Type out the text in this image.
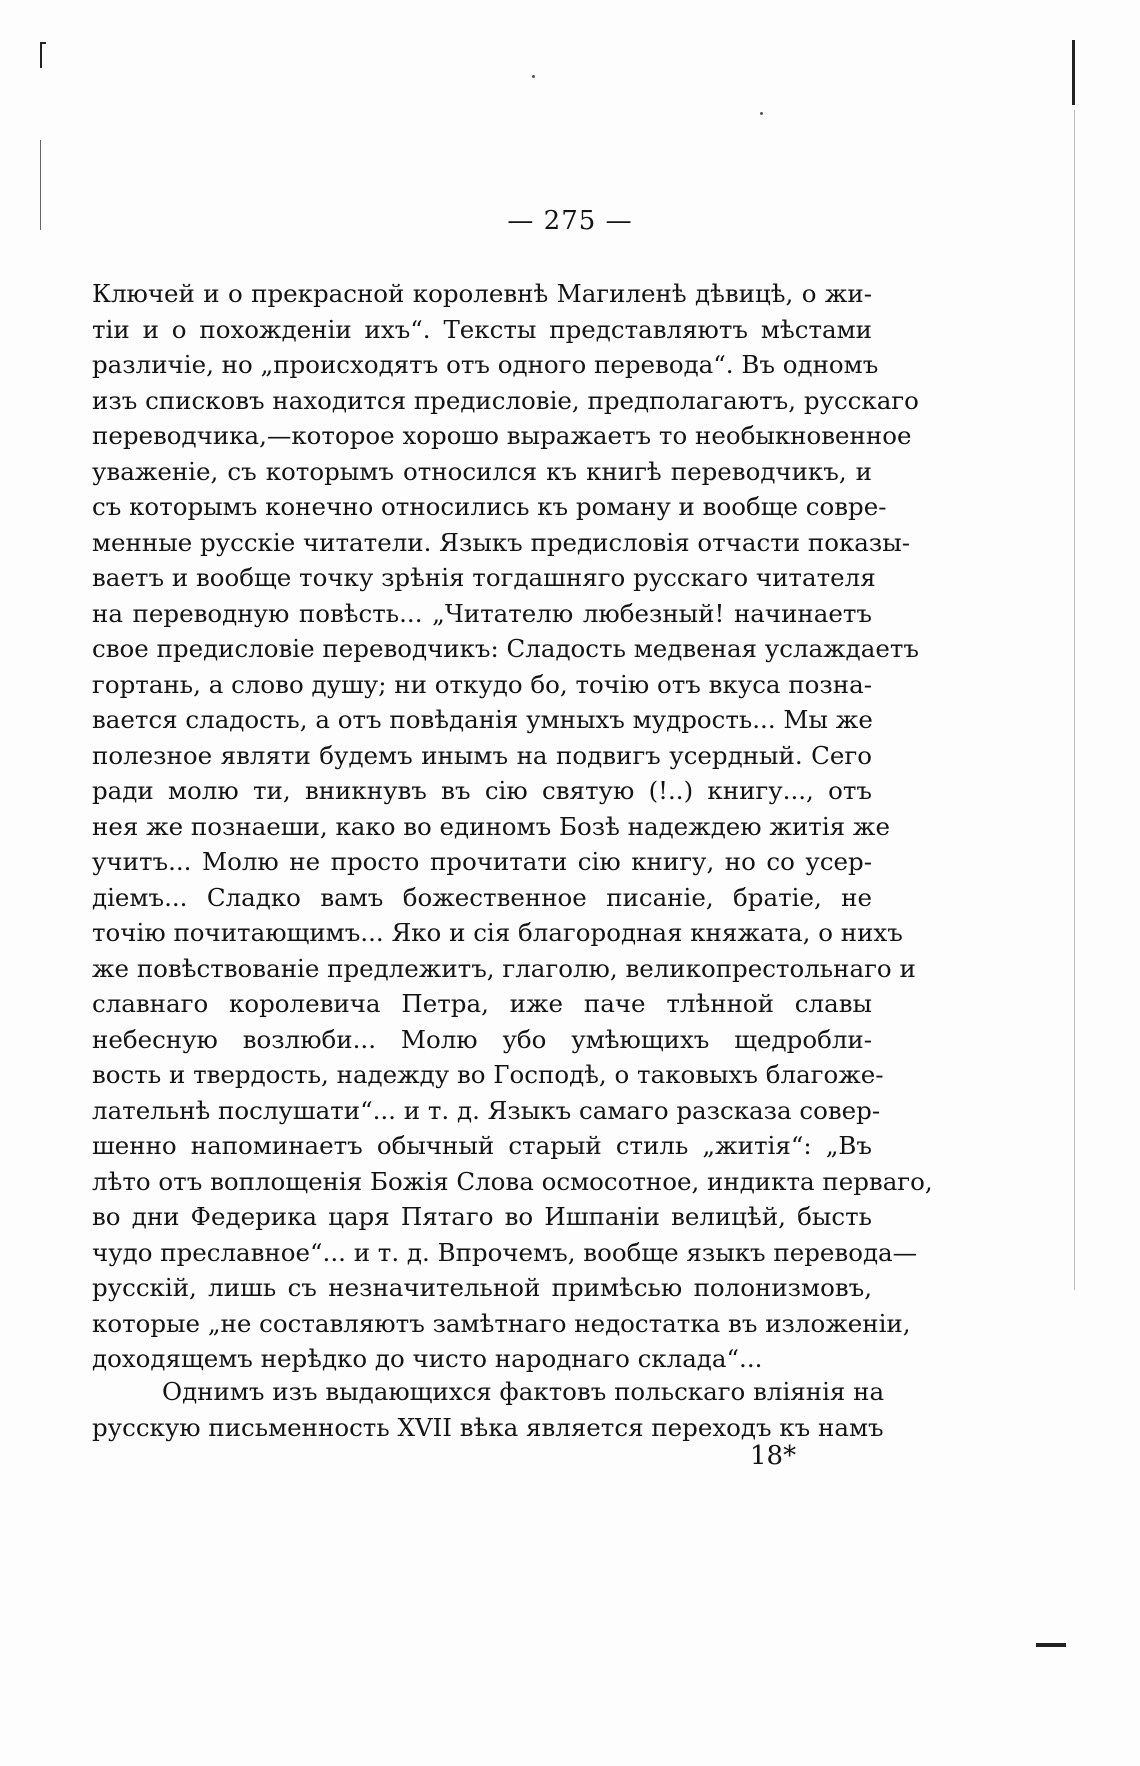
— 275 —
Ключей и о прекрасной королевнѣ Магиленѣ дѣвицѣ, о жи-
тіи и о похожденіи ихъ“. Тексты представляютъ мѣстами
различіе, но „происходятъ отъ одного перевода“. Въ одномъ
изъ списковъ находится предисловіе, предполагаютъ, русскаго
переводчика,—которое хорошо выражаетъ то необыкновенное
уваженіе, съ которымъ относился къ книгѣ переводчикъ, и
съ которымъ конечно относились къ роману и вообще совре-
менные русскіе читатели. Языкъ предисловія отчасти показы-
ваетъ и вообще точку зрѣнія тогдашняго русскаго читателя
на переводную повѣсть... „Читателю любезный! начинаетъ
свое предисловіе переводчикъ: Сладость медвеная услаждаетъ
гортань, а слово душу; ни откудо бо, точію отъ вкуса позна-
вается сладость, а отъ повѣданія умныхъ мудрость... Мы же
полезное являти будемъ инымъ на подвигъ усердный. Сего
ради молю ти, вникнувъ въ сію святую (!..) книгу..., отъ
нея же познаеши, како во единомъ Бозѣ надеждею житія же
учитъ... Молю не просто прочитати сію книгу, но со усер-
діемъ... Сладко вамъ божественное писаніе, братіе, не
точію почитающимъ... Яко и сія благородная княжата, о нихъ
же повѣствованіе предлежитъ, глаголю, великопрестольнаго и
славнаго королевича Петра, иже паче тлѣнной славы
небесную возлюби... Молю убо умѣющихъ щедробли-
вость и твердость, надежду во Господѣ, о таковыхъ благоже-
лательнѣ послушати“... и т. д. Языкъ самаго разсказа совер-
шенно напоминаетъ обычный старый стиль „житія“: „Въ
лѣто отъ воплощенія Божія Слова осмосотное, индикта перваго,
во дни Федерика царя Пятаго во Ишпаніи велицѣй, бысть
чудо преславное“... и т. д. Впрочемъ, вообще языкъ перевода—
русскій, лишь съ незначительной примѣсью полонизмовъ,
которые „не составляютъ замѣтнаго недостатка въ изложеніи,
доходящемъ нерѣдко до чисто народнаго склада“...
Однимъ изъ выдающихся фактовъ польскаго вліянія на
русскую письменность XVII вѣка является переходъ къ намъ
18*
